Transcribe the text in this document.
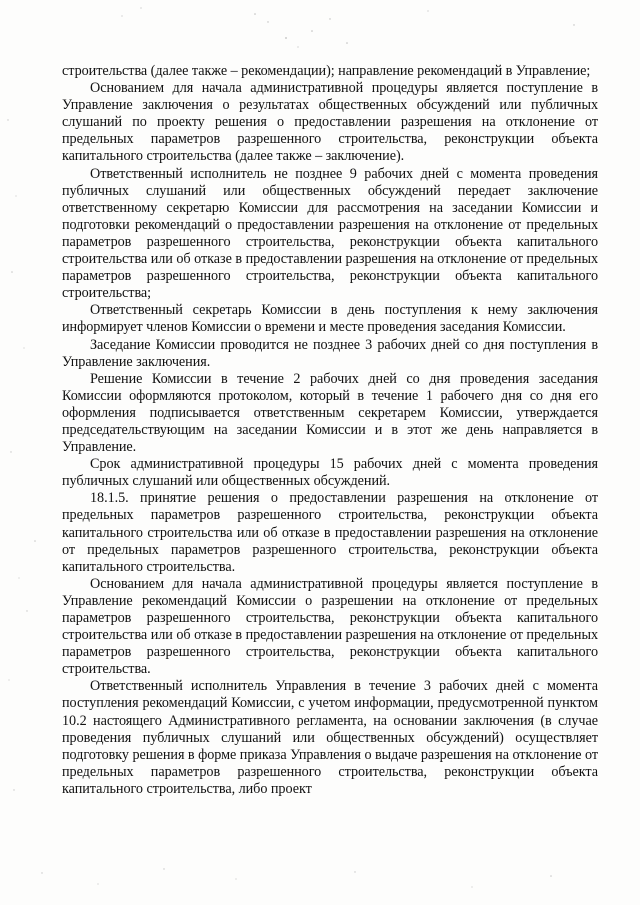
строительства (далее также – рекомендации); направление рекомендаций в Управление;

Основанием для начала административной процедуры является поступление в Управление заключения о результатах общественных обсуждений или публичных слушаний по проекту решения о предоставлении разрешения на отклонение от предельных параметров разрешенного строительства, реконструкции объекта капитального строительства (далее также – заключение).

Ответственный исполнитель не позднее 9 рабочих дней с момента проведения публичных слушаний или общественных обсуждений передает заключение ответственному секретарю Комиссии для рассмотрения на заседании Комиссии и подготовки рекомендаций о предоставлении разрешения на отклонение от предельных параметров разрешенного строительства, реконструкции объекта капитального строительства или об отказе в предоставлении разрешения на отклонение от предельных параметров разрешенного строительства, реконструкции объекта капитального строительства;

Ответственный секретарь Комиссии в день поступления к нему заключения информирует членов Комиссии о времени и месте проведения заседания Комиссии.

Заседание Комиссии проводится не позднее 3 рабочих дней со дня поступления в Управление заключения.

Решение Комиссии в течение 2 рабочих дней со дня проведения заседания Комиссии оформляются протоколом, который в течение 1 рабочего дня со дня его оформления подписывается ответственным секретарем Комиссии, утверждается председательствующим на заседании Комиссии и в этот же день направляется в Управление.

Срок административной процедуры 15 рабочих дней с момента проведения публичных слушаний или общественных обсуждений.

18.1.5. принятие решения о предоставлении разрешения на отклонение от предельных параметров разрешенного строительства, реконструкции объекта капитального строительства или об отказе в предоставлении разрешения на отклонение от предельных параметров разрешенного строительства, реконструкции объекта капитального строительства.

Основанием для начала административной процедуры является поступление в Управление рекомендаций Комиссии о разрешении на отклонение от предельных параметров разрешенного строительства, реконструкции объекта капитального строительства или об отказе в предоставлении разрешения на отклонение от предельных параметров разрешенного строительства, реконструкции объекта капитального строительства.

Ответственный исполнитель Управления в течение 3 рабочих дней с момента поступления рекомендаций Комиссии, с учетом информации, предусмотренной пунктом 10.2 настоящего Административного регламента, на основании заключения (в случае проведения публичных слушаний или общественных обсуждений) осуществляет подготовку решения в форме приказа Управления о выдаче разрешения на отклонение от предельных параметров разрешенного строительства, реконструкции объекта капитального строительства, либо проект
